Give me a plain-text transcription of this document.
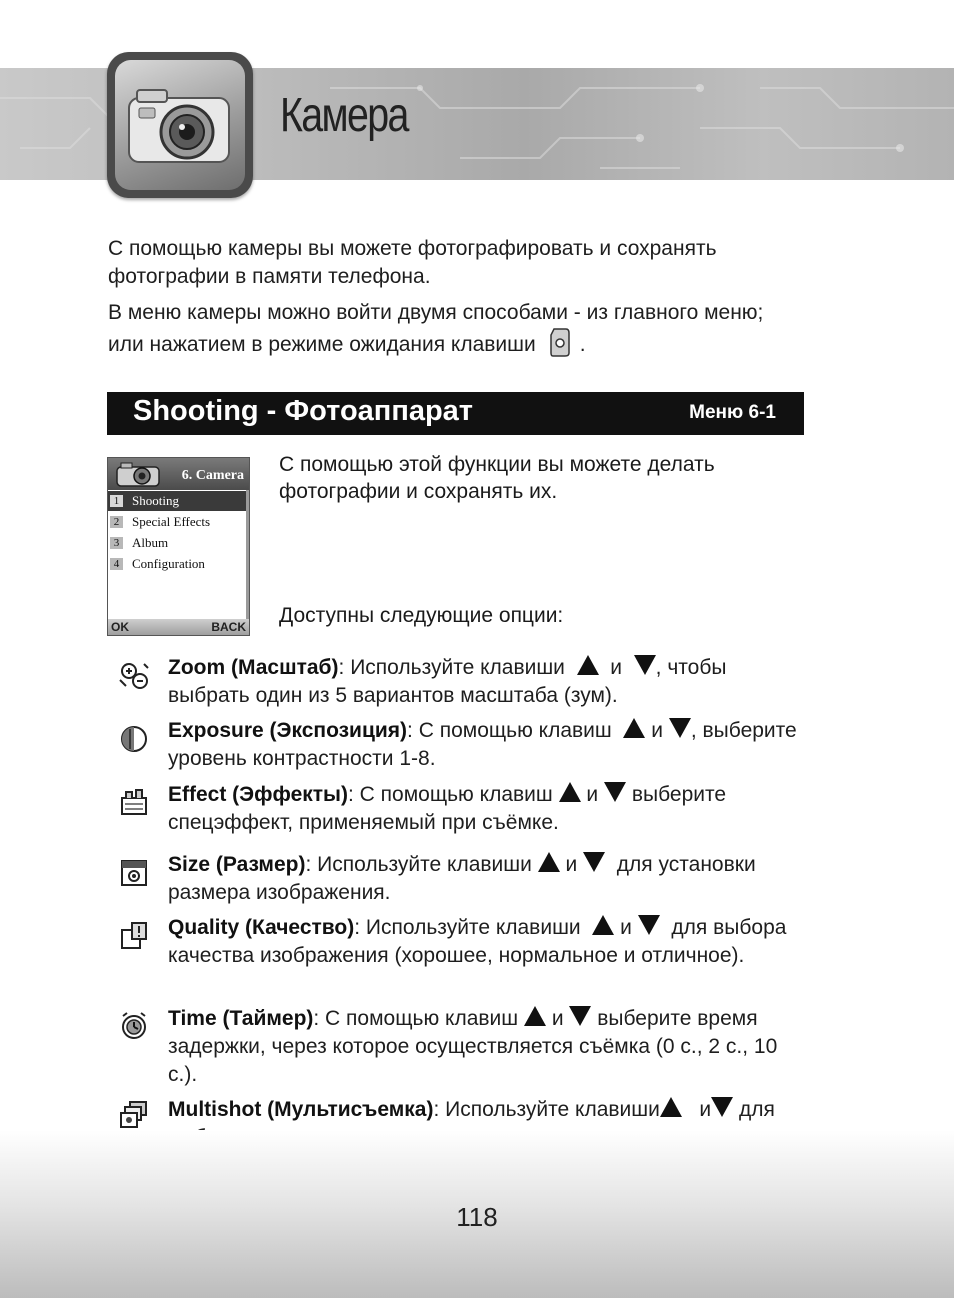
Камера

С помощью камеры вы можете фотографировать и сохранять фотографии в памяти телефона.

В меню камеры можно войти двумя способами - из главного меню; или нажатием в режиме ожидания клавиши .

Shooting - Фотоаппарат	Меню 6-1
6. Camera
1 Shooting
2 Special Effects
3 Album
4 Configuration
OK	BACK

С помощью этой функции вы можете делать фотографии и сохранять их.

Доступны следующие опции:

Zoom (Масштаб): Используйте клавиши и , чтобы выбрать один из 5 вариантов масштаба (зум).

Exposure (Экспозиция): С помощью клавиш и , выберите уровень контрастности 1-8.

Effect (Эффекты): С помощью клавиш и выберите спецэффект, применяемый при съёмке.

Size (Размер): Используйте клавиши и для установки размера изображения.

Quality (Качество): Используйте клавиши и для выбора качества изображения (хорошее, нормальное и отличное).

Time (Таймер): С помощью клавиш и выберите время задержки, через которое осуществляется съёмка (0 с., 2 с., 10 с.).

Multishot (Мультисъемка): Используйте клавиши и для

118
